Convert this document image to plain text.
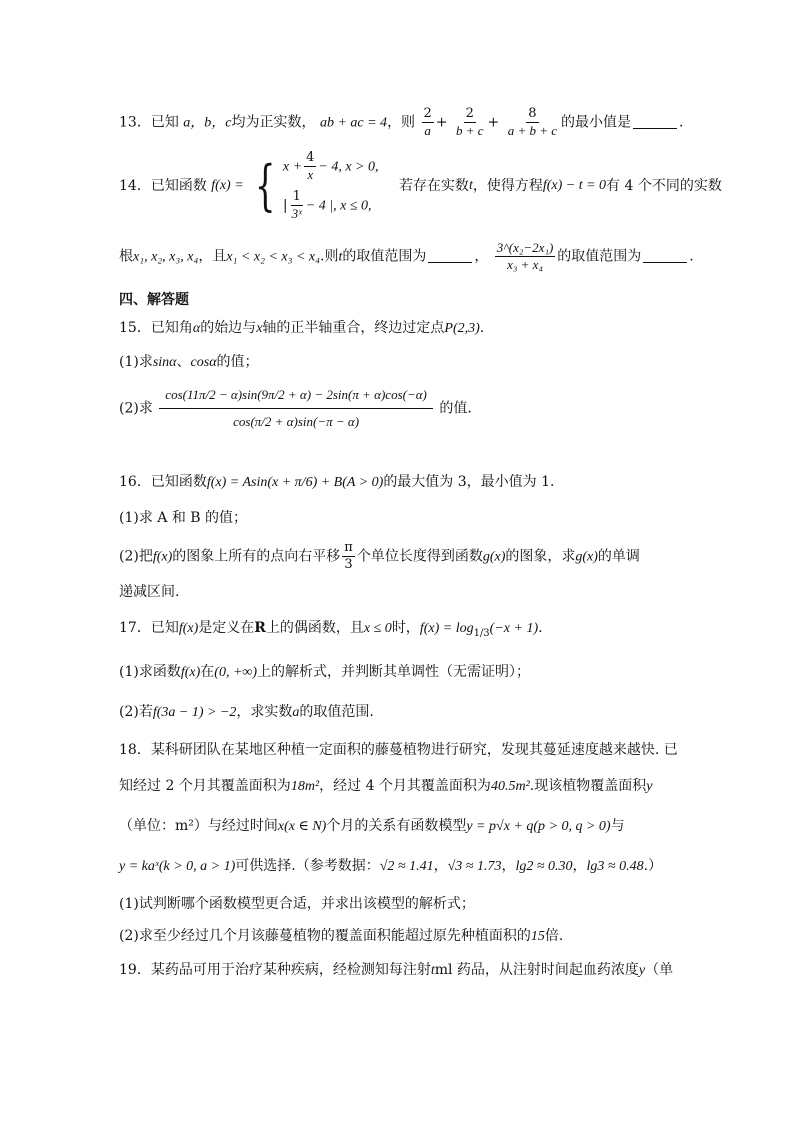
13．已知 a，b，c均为正实数， ab + ac = 4，则 $\frac{2}{a} + \frac{2}{b + c} + \frac{8}{a + b + c}$ 的最小值是	.
14．已知函数 f(x) = { $x + \frac{4}{x} - 4$, x > 0,
| $\frac{1}{\text{3ˣ}} - 4$ |, x ≤ 0,
若存在实数t，使得方程f(x) − t = 0有 4 个不同的实数
根x₁, x₂, x₃, x₄，且x₁ < x₂ < x₃ < x₄.则t的取值范围为	， $\frac{\text{3\textasciicircum{}(x₂−2x₁)}}{\text{x₃ + x₄}}$ 的取值范围为	.
四、解答题
15．已知角α的始边与x轴的正半轴重合，终边过定点P(2,3).
(1)求sinα、cosα的值；
(2)求 $\frac{\cos(11\pi/2 - \alpha)\sin(9\pi/2 + \alpha) - 2\sin(\pi + \alpha)\cos(-\alpha)}{\cos(\pi/2 + \alpha)\sin(-\pi - \alpha)}$ 的值.
16．已知函数f(x) = Asin(x + π/6) + B(A > 0)的最大值为 3，最小值为 1.
(1)求 A 和 B 的值；
(2)把f(x)的图象上所有的点向右平移 $\frac{\pi}{3}$ 个单位长度得到函数g(x)的图象，求g(x)的单调
递减区间.
17．已知f(x)是定义在R上的偶函数，且x ≤ 0时，$f(x) = \log_{1/3}(-x + 1)$.
(1)求函数f(x)在(0, +∞)上的解析式，并判断其单调性（无需证明）；
(2)若f(3a − 1) > −2，求实数a的取值范围.
18．某科研团队在某地区种植一定面积的藤蔓植物进行研究，发现其蔓延速度越来越快. 已
知经过 2 个月其覆盖面积为18m²，经过 4 个月其覆盖面积为40.5m².现该植物覆盖面积y
（单位：m²）与经过时间x(x ∈ N)个月的关系有函数模型y = p√x + q(p > 0, q > 0)与
y = kaˣ(k > 0, a > 1)可供选择.（参考数据：√2 ≈ 1.41，√3 ≈ 1.73，lg2 ≈ 0.30，lg3 ≈ 0.48.）
(1)试判断哪个函数模型更合适，并求出该模型的解析式；
(2)求至少经过几个月该藤蔓植物的覆盖面积能超过原先种植面积的15倍.
19．某药品可用于治疗某种疾病，经检测知每注射tml 药品，从注射时间起血药浓度y（单
